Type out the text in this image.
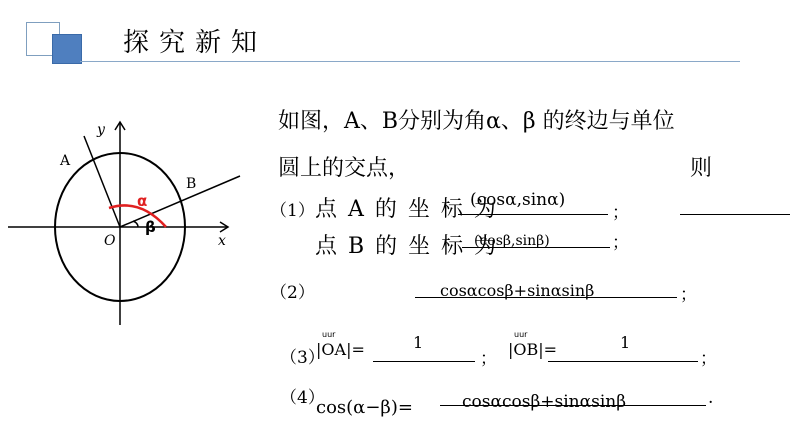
探究新知
y
x
O
A
B
α
β
如图，A、B分别为角α、β 的终边与单位
圆上的交点，	则
（1） 点 A 的 坐 标 为
(cosα,sinα)
；
点 B 的 坐 标 为
(cosβ,sinβ)	；
（2）	cosαcosβ+sinαsinβ	；
（3）
uur
|OA|=	1
；
uur
|OB|=	1
；
（4）
cos(α−β)=	cosαcosβ+sinαsinβ	.
